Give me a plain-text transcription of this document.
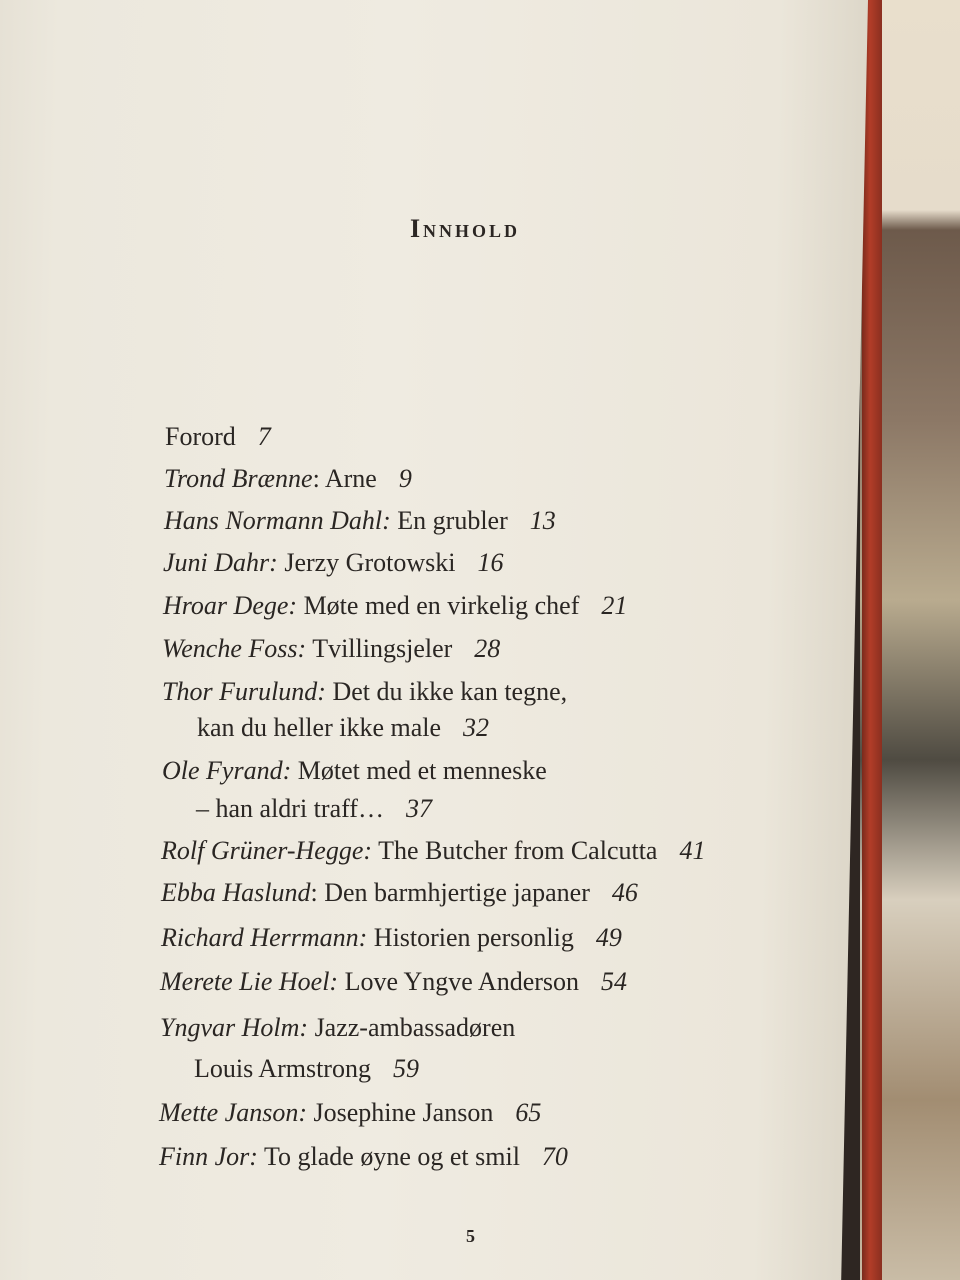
Innhold
Forord 7
Trond Brænne: Arne 9
Hans Normann Dahl: En grubler 13
Juni Dahr: Jerzy Grotowski 16
Hroar Dege: Møte med en virkelig chef 21
Wenche Foss: Tvillingsjeler 28
Thor Furulund: Det du ikke kan tegne,
kan du heller ikke male 32
Ole Fyrand: Møtet med et menneske
– han aldri traff… 37
Rolf Grüner-Hegge: The Butcher from Calcutta 41
Ebba Haslund: Den barmhjertige japaner 46
Richard Herrmann: Historien personlig 49
Merete Lie Hoel: Love Yngve Anderson 54
Yngvar Holm: Jazz-ambassadøren
Louis Armstrong 59
Mette Janson: Josephine Janson 65
Finn Jor: To glade øyne og et smil 70
5
